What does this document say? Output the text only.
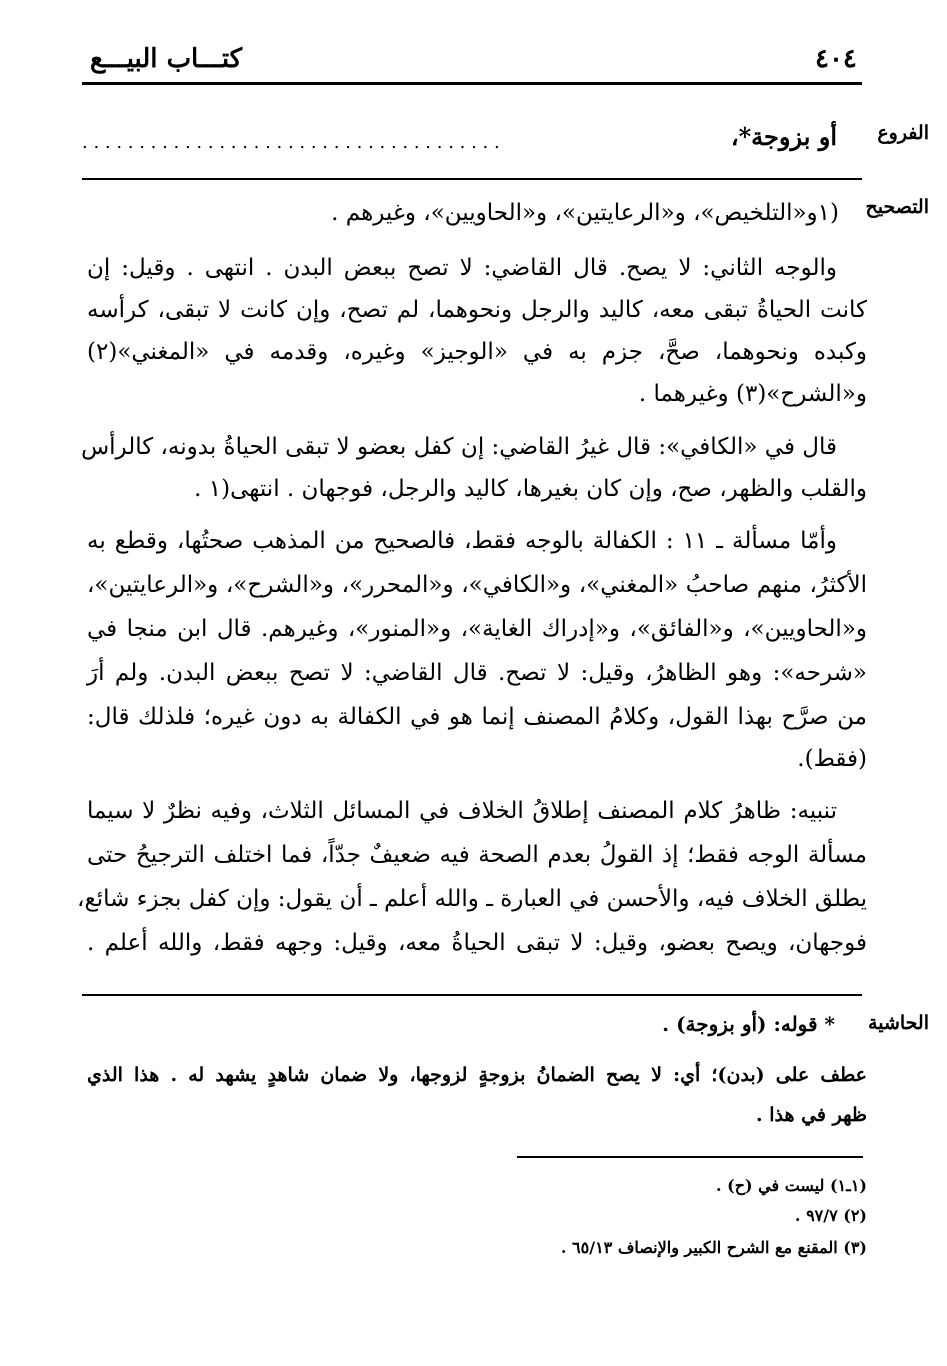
٤٠٤
كتـــاب البيـــع
الفروع
أو بزوجة*،
. . . . . . . . . . . . . . . . . . . . . . . . . . . . . . . . . . . . .
التصحيح
(١و«التلخيص»، و«الرعايتين»، و«الحاويين»، وغيرهم .
والوجه الثاني: لا يصح. قال القاضي: لا تصح ببعض البدن . انتهى . وقيل: إن
كانت الحياةُ تبقى معه، كاليد والرجل ونحوهما، لم تصح، وإن كانت لا تبقى، كرأسه
وكبده ونحوهما، صحَّ، جزم به في «الوجيز» وغيره، وقدمه في «المغني»(٢)
و«الشرح»(٣) وغيرهما .
قال في «الكافي»: قال غيرُ القاضي: إن كفل بعضو لا تبقى الحياةُ بدونه، كالرأس
والقلب والظهر، صح، وإن كان بغيرها، كاليد والرجل، فوجهان . انتهى(١ .
وأمّا مسألة ـ ١١ : الكفالة بالوجه فقط، فالصحيح من المذهب صحتُها، وقطع به
الأكثرُ، منهم صاحبُ «المغني»، و«الكافي»، و«المحرر»، و«الشرح»، و«الرعايتين»،
و«الحاويين»، و«الفائق»، و«إدراك الغاية»، و«المنور»، وغيرهم. قال ابن منجا في
«شرحه»: وهو الظاهرُ، وقيل: لا تصح. قال القاضي: لا تصح ببعض البدن. ولم أرَ
من صرَّح بهذا القول، وكلامُ المصنف إنما هو في الكفالة به دون غيره؛ فلذلك قال:
(فقط).
تنبيه: ظاهرُ كلام المصنف إطلاقُ الخلاف في المسائل الثلاث، وفيه نظرٌ لا سيما
مسألة الوجه فقط؛ إذ القولُ بعدم الصحة فيه ضعيفٌ جدّاً، فما اختلف الترجيحُ حتى
يطلق الخلاف فيه، والأحسن في العبارة ـ والله أعلم ـ أن يقول: وإن كفل بجزء شائع،
فوجهان، ويصح بعضو، وقيل: لا تبقى الحياةُ معه، وقيل: وجهه فقط، والله أعلم .
الحاشية
* قوله: (أو بزوجة) .
عطف على (بدن)؛ أي: لا يصح الضمانُ بزوجةٍ لزوجها، ولا ضمان شاهدٍ يشهد له . هذا الذي
ظهر في هذا .
(١ـ١) ليست في (ح) .
(٢) ٩٧/٧ .
(٣) المقنع مع الشرح الكبير والإنصاف ٦٥/١٣ .
